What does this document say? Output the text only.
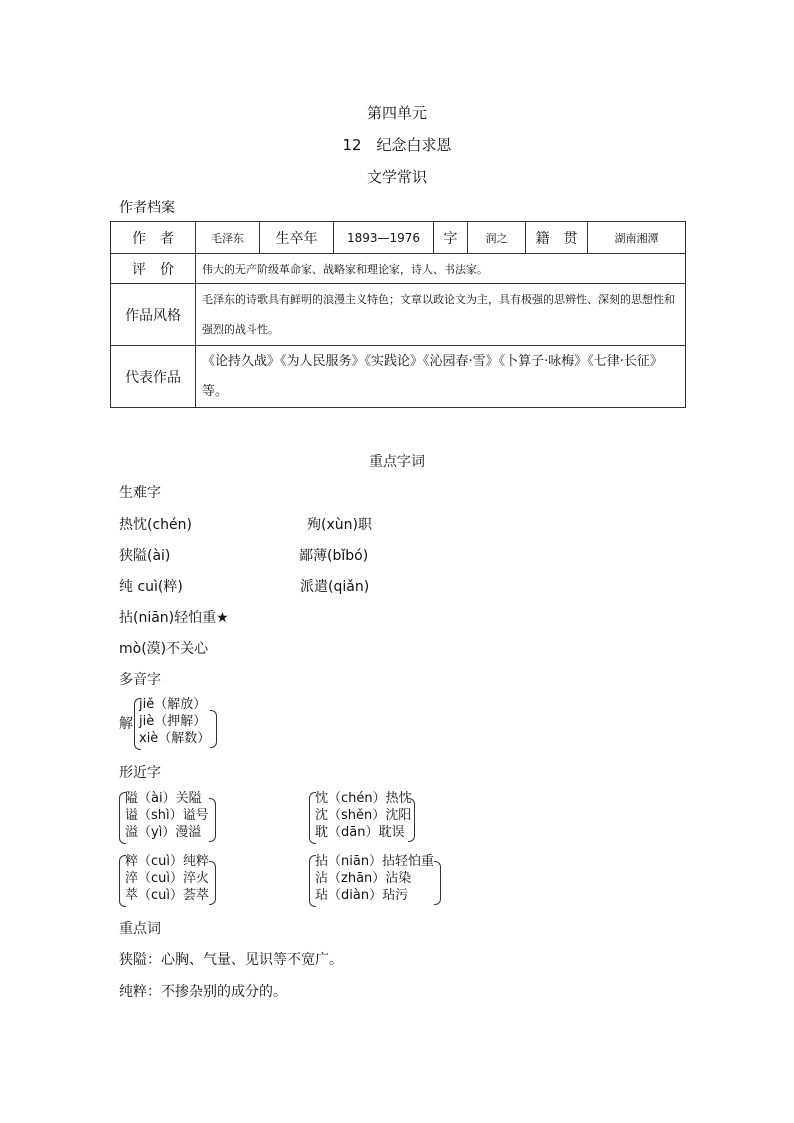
第四单元
12　纪念白求恩
文学常识
作者档案
作　者	毛泽东	生卒年	1893—1976	字	润之	籍　贯	湖南湘潭
评　价	伟大的无产阶级革命家、战略家和理论家，诗人、书法家。						
作品风格	毛泽东的诗歌具有鲜明的浪漫主义特色；文章以政论文为主，具有极强的思辨性、深刻的思想性和强烈的战斗性。						
代表作品	《论持久战》《为人民服务》《实践论》《沁园春·雪》《卜算子·咏梅》《七律·长征》等。						
重点字词
生难字
热忱(chén)	殉(xùn)职
狭隘(ài)	鄙薄(bǐbó)
纯 cuì(粹)	派遣(qiǎn)
拈(niān)轻怕重★
mò(漠)不关心
多音字
解
jiě（解放）
jiè（押解）
xiè（解数）
形近字
隘（ài）关隘
谥（shì）谥号
溢（yì）漫溢
忱（chén）热忱
沈（shěn）沈阳
耽（dān）耽误
粹（cuì）纯粹
淬（cuì）淬火
萃（cuì）荟萃
拈（niān）拈轻怕重
沾（zhān）沾染
玷（diàn）玷污
重点词
狭隘：心胸、气量、见识等不宽广。
纯粹：不掺杂别的成分的。
